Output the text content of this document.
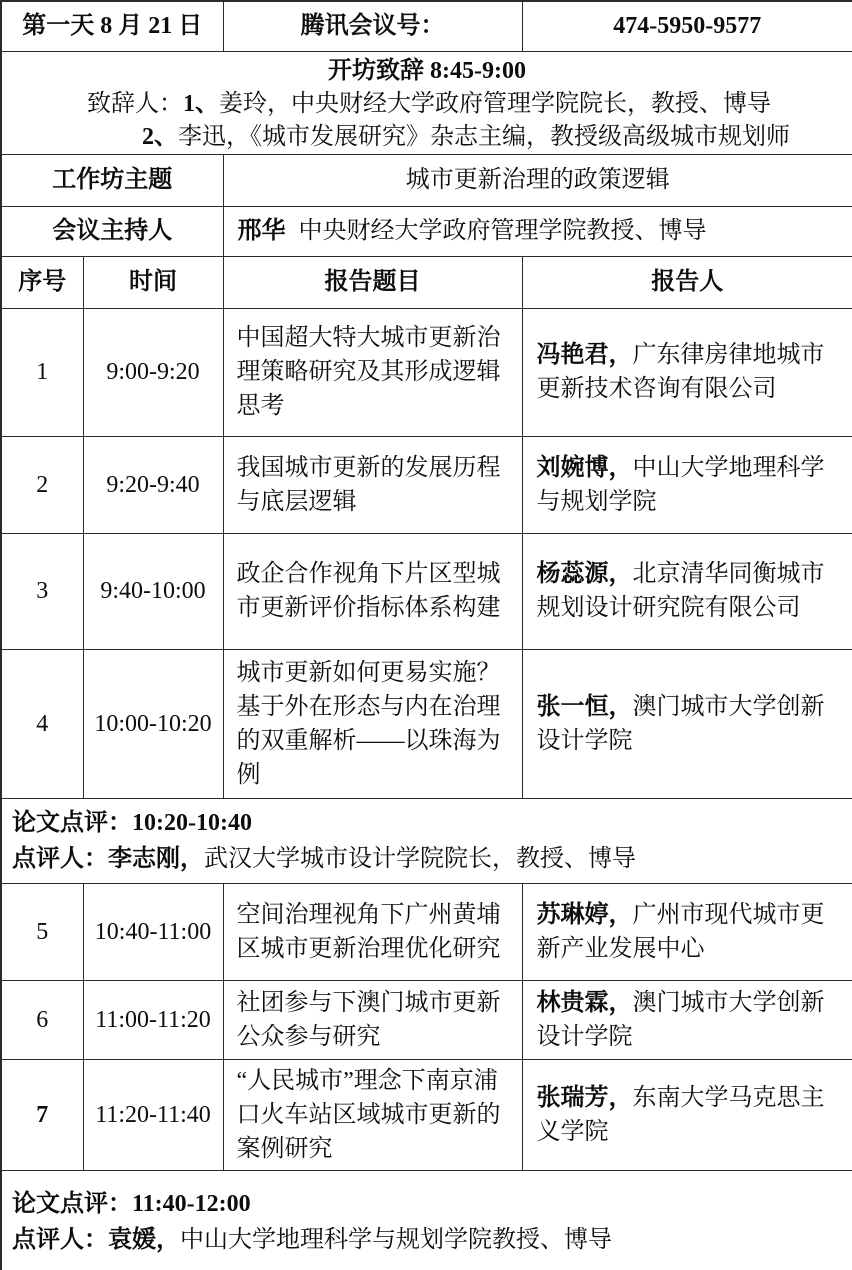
第一天 8 月 21 日		腾讯会议号：	474-5950-9577

开坊致辞 8:45-9:00
致辞人：1、姜玲，中央财经大学政府管理学院院长，教授、博导
2、李迅，《城市发展研究》杂志主编，教授级高级城市规划师			

工作坊主题		城市更新治理的政策逻辑	
会议主持人		邢华 中央财经大学政府管理学院教授、博导	
序号	时间	报告题目	报告人
1	9:00-9:20	中国超大特大城市更新治理策略研究及其形成逻辑思考	冯艳君，广东律房律地城市更新技术咨询有限公司
2	9:20-9:40	我国城市更新的发展历程与底层逻辑	刘婉博，中山大学地理科学与规划学院
3	9:40-10:00	政企合作视角下片区型城市更新评价指标体系构建	杨蕊源，北京清华同衡城市规划设计研究院有限公司
4	10:00-10:20	城市更新如何更易实施？基于外在形态与内在治理的双重解析——以珠海为例	张一恒，澳门城市大学创新设计学院

论文点评：10:20-10:40
点评人：李志刚，武汉大学城市设计学院院长，教授、博导			

5	10:40-11:00	空间治理视角下广州黄埔区城市更新治理优化研究	苏琳婷，广州市现代城市更新产业发展中心
6	11:00-11:20	社团参与下澳门城市更新公众参与研究	林贵霖，澳门城市大学创新设计学院
7	11:20-11:40	“人民城市”理念下南京浦口火车站区域城市更新的案例研究	张瑞芳，东南大学马克思主义学院

论文点评：11:40-12:00
点评人：袁媛，中山大学地理科学与规划学院教授、博导			
